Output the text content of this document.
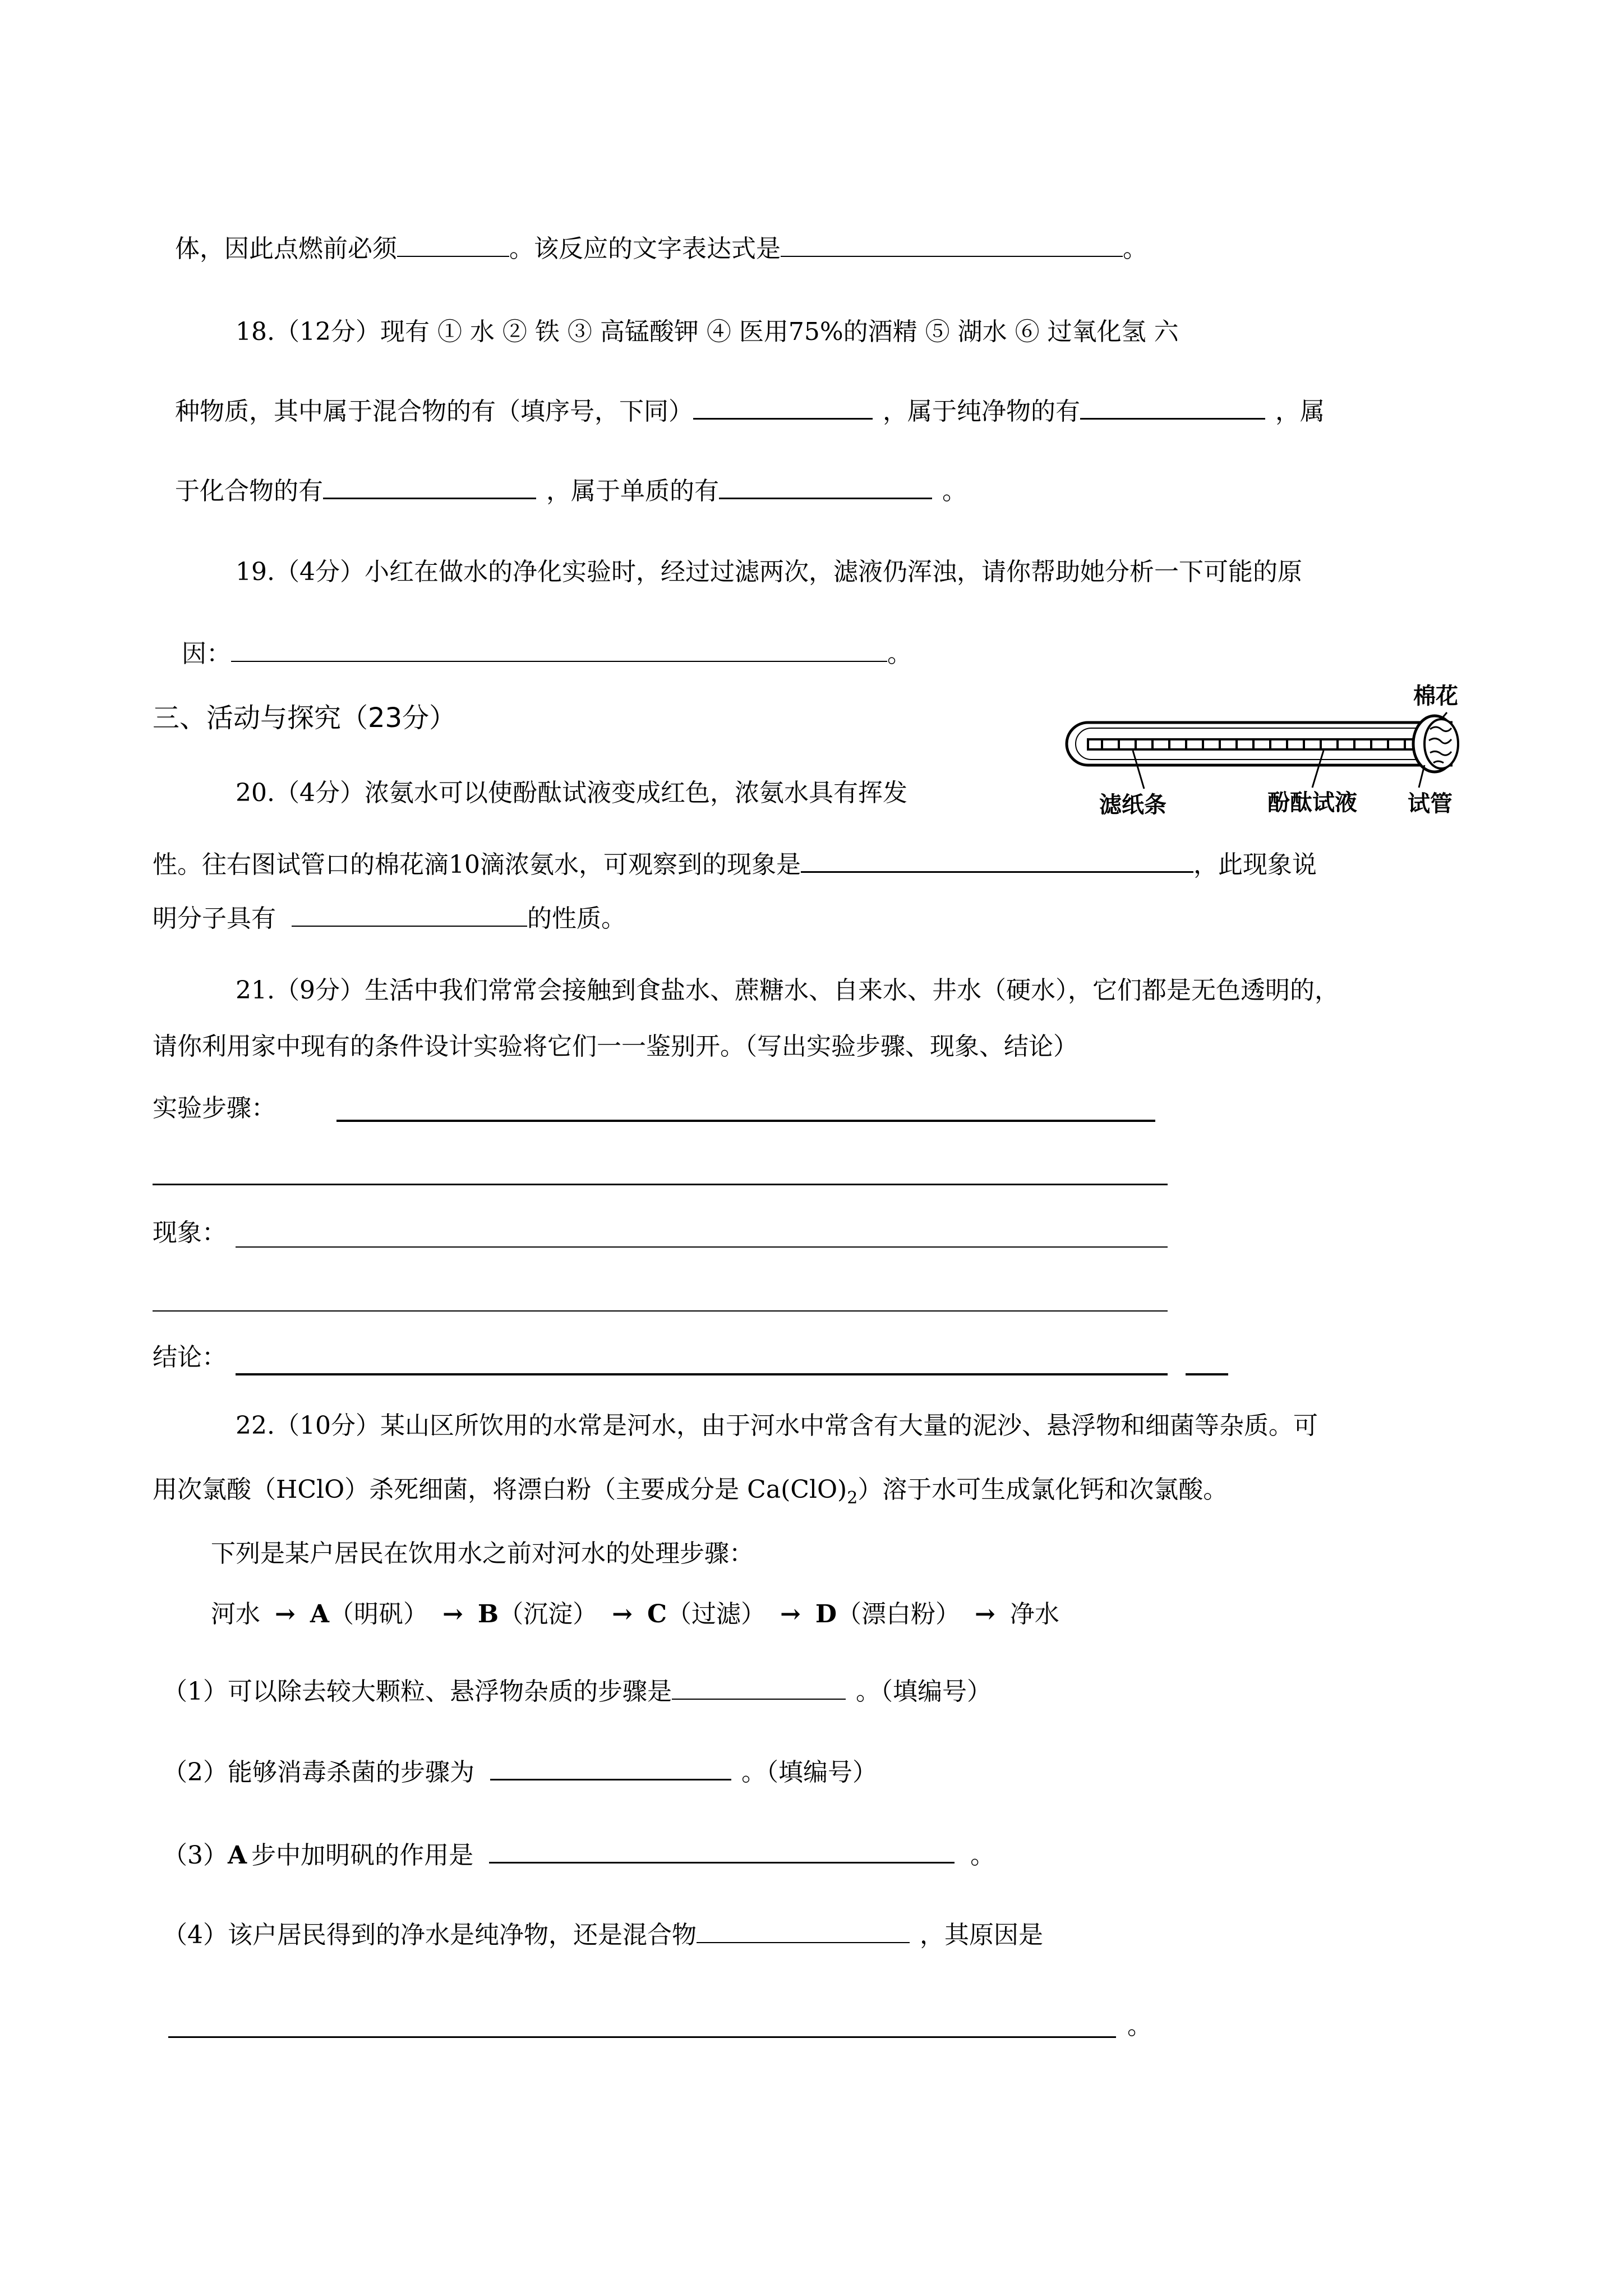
体，因此点燃前必须	。该反应的文字表达式是	。
18.（12分）现有 ① 水 ② 铁 ③ 高锰酸钾 ④ 医用75%的酒精 ⑤ 湖水 ⑥ 过氧化氢 六
种物质，其中属于混合物的有（填序号，下同）	，属于纯净物的有	，属
于化合物的有	，属于单质的有	。
19.（4分）小红在做水的净化实验时，经过过滤两次，滤液仍浑浊，请你帮助她分析一下可能的原
因：	。
三、活动与探究（23分）
棉花
滤纸条	酚酞试液 试管
20.（4分）浓氨水可以使酚酞试液变成红色，浓氨水具有挥发
性。往右图试管口的棉花滴10滴浓氨水，可观察到的现象是	，此现象说
明分子具有	的性质。
21.（9分）生活中我们常常会接触到食盐水、蔗糖水、自来水、井水（硬水），它们都是无色透明的，
请你利用家中现有的条件设计实验将它们一一鉴别开。（写出实验步骤、现象、结论）
实验步骤：
现象：
结论：
22.（10分）某山区所饮用的水常是河水，由于河水中常含有大量的泥沙、悬浮物和细菌等杂质。可
用次氯酸（HClO）杀死细菌，将漂白粉（主要成分是 $Ca(ClO)_2$）溶于水可生成氯化钙和次氯酸。
下列是某户居民在饮用水之前对河水的处理步骤：
河水 → A（明矾） → B（沉淀） → C（过滤） → D（漂白粉） → 净水
（1）可以除去较大颗粒、悬浮物杂质的步骤是	。（填编号）
（2）能够消毒杀菌的步骤为	。（填编号）
（3）A 步中加明矾的作用是	。
（4）该户居民得到的净水是纯净物，还是混合物	，其原因是
。
